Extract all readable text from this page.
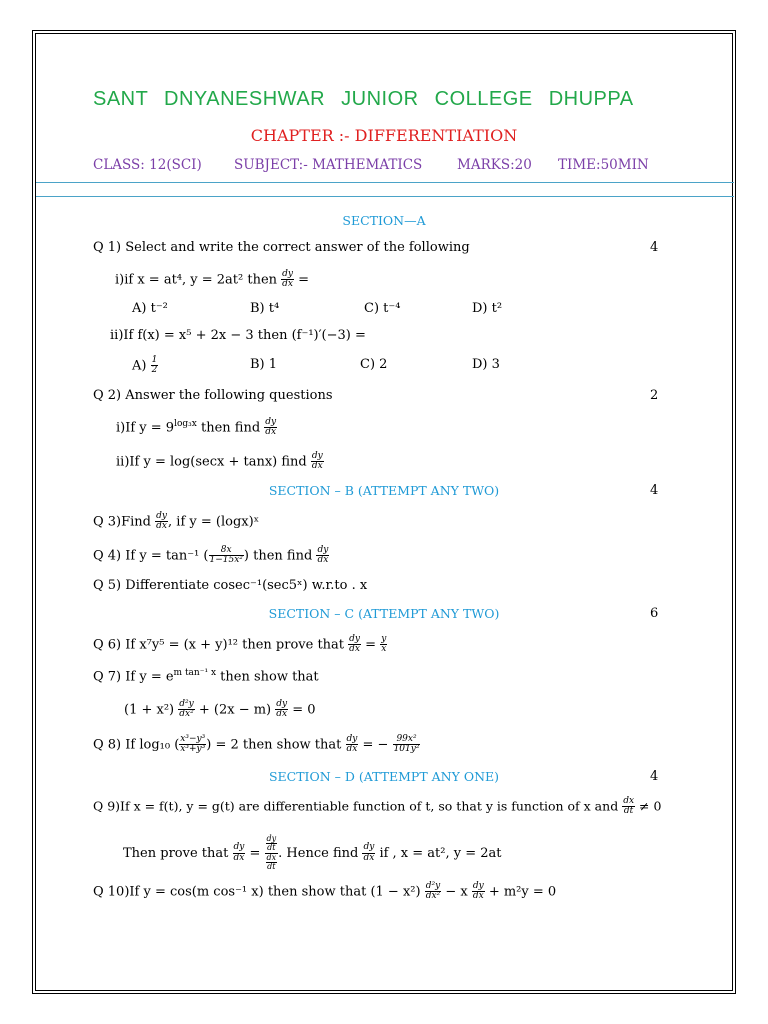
SANT DNYANESHWAR JUNIOR COLLEGE DHUPPA
CHAPTER :- DIFFERENTIATION
CLASS: 12(SCI) SUBJECT:- MATHEMATICS	MARKS:20 TIME:50MIN
SECTION—A
Q 1) Select and write the correct answer of the following	4
i)if x = at⁴, y = 2at² then $\frac{dy}{dx}$ =
A) t⁻²	B) t⁴	C) t⁻⁴	D) t²
ii)If f(x) = x⁵ + 2x − 3 then (f⁻¹)′(−3) =
$A) \frac{1}{2}$	B) 1	C) 2	D) 3
Q 2) Answer the following questions	2
i)If $y = 9^{log_3x}$ then find $\frac{dy}{dx}$
ii)If y = log(secx + tanx) find $\frac{dy}{dx}$
SECTION – B (ATTEMPT ANY TWO)	4
Q 3)Find $\frac{dy}{dx}$ , if y = (logx)ˣ
Q 4) If y = tan⁻¹ ( $\frac{8x}{\text{1−15x²}}$ ) then find $\frac{dy}{dx}$
Q 5) Differentiate cosec⁻¹(sec5ˣ) w.r.to . x
SECTION – C (ATTEMPT ANY TWO)	6
Q 6) If x⁷y⁵ = (x + y)¹² then prove that $\frac{dy}{dx} = \frac{y}{x}$
Q 7) If $y = e^{m tan^{-1} x}$ then show that
$(1 + x^2) \frac{\text{d²y}}{\text{dx²}} + (2x - m) \frac{dy}{dx} = 0$
Q 8) If log₁₀ ( $\frac{\text{x³−y³}}{\text{x³+y³}}$ ) = 2 then show that $\frac{dy}{dx}$ = − $\frac{\text{99x²}}{\text{101y²}}$
SECTION – D (ATTEMPT ANY ONE)	4
Q 9)If x = f(t), y = g(t) are differentiable function of t, so that y is function of x and $\frac{dx}{dt} \ne 0$
Then prove that $\frac{dy}{dx} = \frac{\frac{dy}{dt}}{\frac{dx}{dt}}$ . Hence find $\frac{dy}{dx}$ if , x = at², y = 2at
Q 10)If y = cos(m cos⁻¹ x) then show that $(1 - x^2) \frac{\text{d²y}}{\text{dx²}} - x \frac{dy}{dx} + m^2y = 0$
